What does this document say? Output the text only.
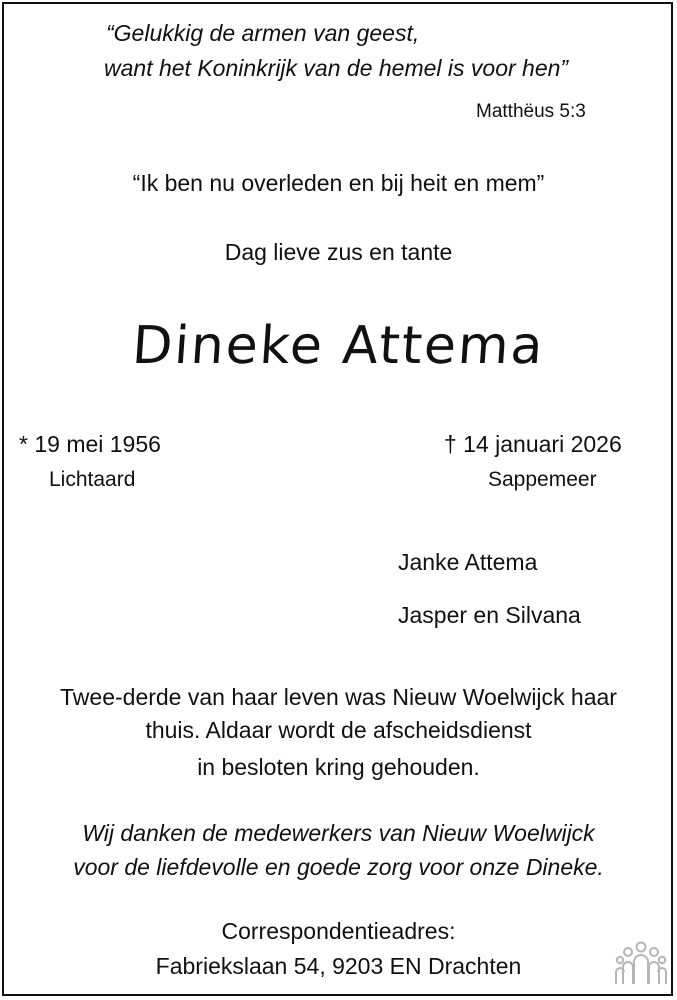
“Gelukkig de armen van geest,
want het Koninkrijk van de hemel is voor hen”
Matthëus 5:3
“Ik ben nu overleden en bij heit en mem”
Dag lieve zus en tante
Dineke Attema
* 19 mei 1956
Lichtaard
† 14 januari 2026
Sappemeer
Janke Attema
Jasper en Silvana
Twee-derde van haar leven was Nieuw Woelwijck haar
thuis. Aldaar wordt de afscheidsdienst
in besloten kring gehouden.
Wij danken de medewerkers van Nieuw Woelwijck
voor de liefdevolle en goede zorg voor onze Dineke.
Correspondentieadres:
Fabriekslaan 54, 9203 EN Drachten
